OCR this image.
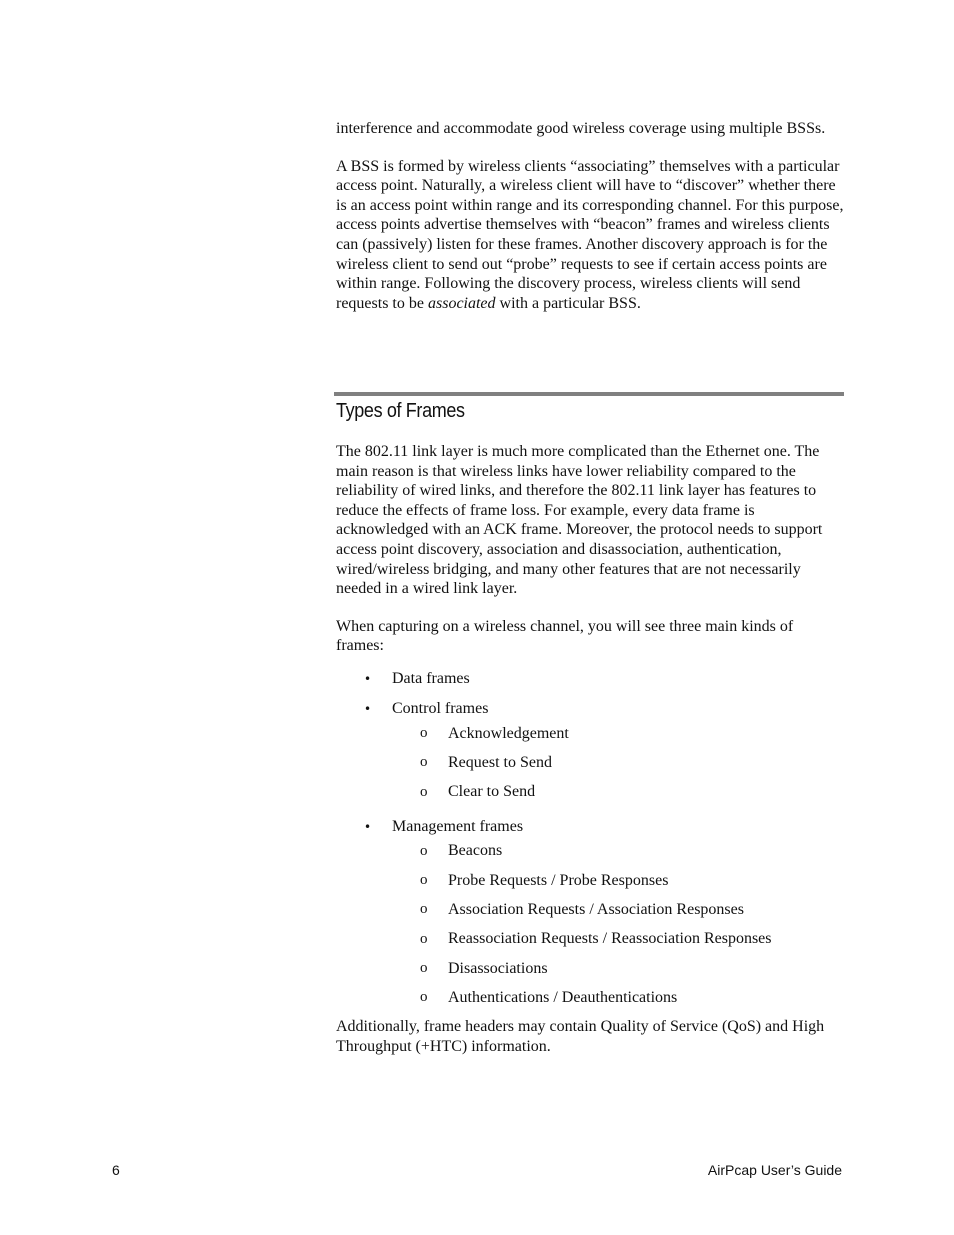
interference and accommodate good wireless coverage using multiple BSSs.

A BSS is formed by wireless clients “associating” themselves with a particular access point. Naturally, a wireless client will have to “discover” whether there is an access point within range and its corresponding channel. For this purpose, access points advertise themselves with “beacon” frames and wireless clients can (passively) listen for these frames. Another discovery approach is for the wireless client to send out “probe” requests to see if certain access points are within range. Following the discovery process, wireless clients will send requests to be associated with a particular BSS.

Types of Frames

The 802.11 link layer is much more complicated than the Ethernet one. The main reason is that wireless links have lower reliability compared to the reliability of wired links, and therefore the 802.11 link layer has features to reduce the effects of frame loss. For example, every data frame is acknowledged with an ACK frame. Moreover, the protocol needs to support access point discovery, association and disassociation, authentication, wired/wireless bridging, and many other features that are not necessarily needed in a wired link layer.

When capturing on a wireless channel, you will see three main kinds of frames:

• Data frames
• Control frames
o Acknowledgement
o Request to Send
o Clear to Send
• Management frames
o Beacons
o Probe Requests / Probe Responses
o Association Requests / Association Responses
o Reassociation Requests / Reassociation Responses
o Disassociations
o Authentications / Deauthentications

Additionally, frame headers may contain Quality of Service (QoS) and High Throughput (+HTC) information.

6	AirPcap User’s Guide
